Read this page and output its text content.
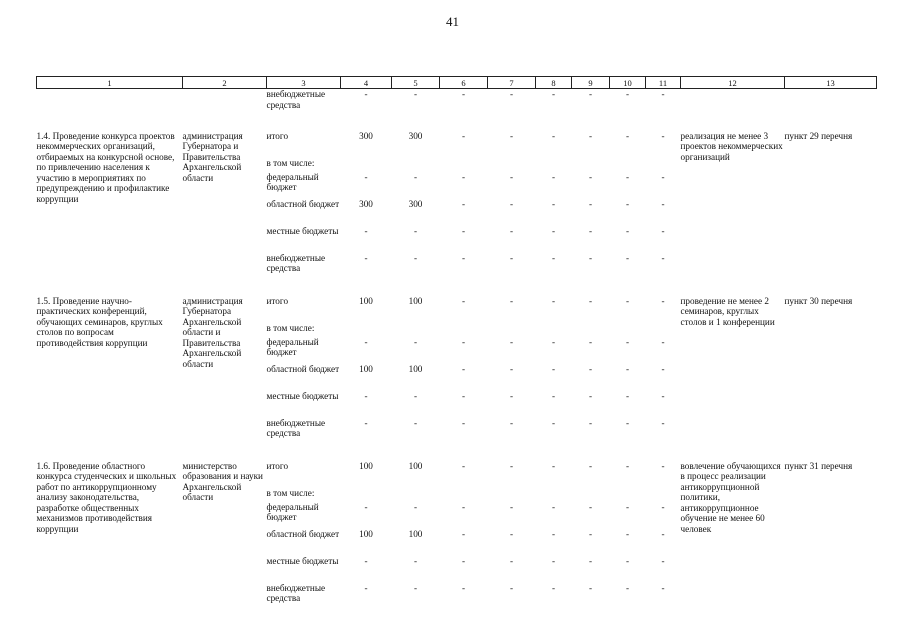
41
1	2	3	4	5	6	7	8	9	10	11	12	13
		внебюджетные средства	-	-	-	-	-	-	-	-		

1.4. Проведение конкурса проектов некоммерческих организаций, отбираемых на конкурсной основе, по привлечению населения к участию в мероприятиях по предупреждению и профилактике коррупции	администрация Губернатора и Правительства Архангельской области	итого	300	300	-	-	-	-	-	-	реализация не менее 3 проектов некоммерческих организаций	пункт 29 перечня
		в том числе:										
		федеральный бюджет	-	-	-	-	-	-	-	-		
		областной бюджет	300	300	-	-	-	-	-	-		
		местные бюджеты	-	-	-	-	-	-	-	-		
		внебюджетные средства	-	-	-	-	-	-	-	-		

1.5. Проведение научно-практических конференций, обучающих семинаров, круглых столов по вопросам противодействия коррупции	администрация Губернатора Архангельской области и Правительства Архангельской области	итого	100	100	-	-	-	-	-	-	проведение не менее 2 семинаров, круглых столов и 1 конференции	пункт 30 перечня
		в том числе:										
		федеральный бюджет	-	-	-	-	-	-	-	-		
		областной бюджет	100	100	-	-	-	-	-	-		
		местные бюджеты	-	-	-	-	-	-	-	-		
		внебюджетные средства	-	-	-	-	-	-	-	-		

1.6. Проведение областного конкурса студенческих и школьных работ по антикоррупционному анализу законодательства, разработке общественных механизмов противодействия коррупции	министерство образования и науки Архангельской области	итого	100	100	-	-	-	-	-	-	вовлечение обучающихся в процесс реализации антикоррупционной политики, антикоррупционное обучение не менее 60 человек	пункт 31 перечня
		в том числе:										
		федеральный бюджет	-	-	-	-	-	-	-	-		
		областной бюджет	100	100	-	-	-	-	-	-		
		местные бюджеты	-	-	-	-	-	-	-	-		
		внебюджетные средства	-	-	-	-	-	-	-	-		
